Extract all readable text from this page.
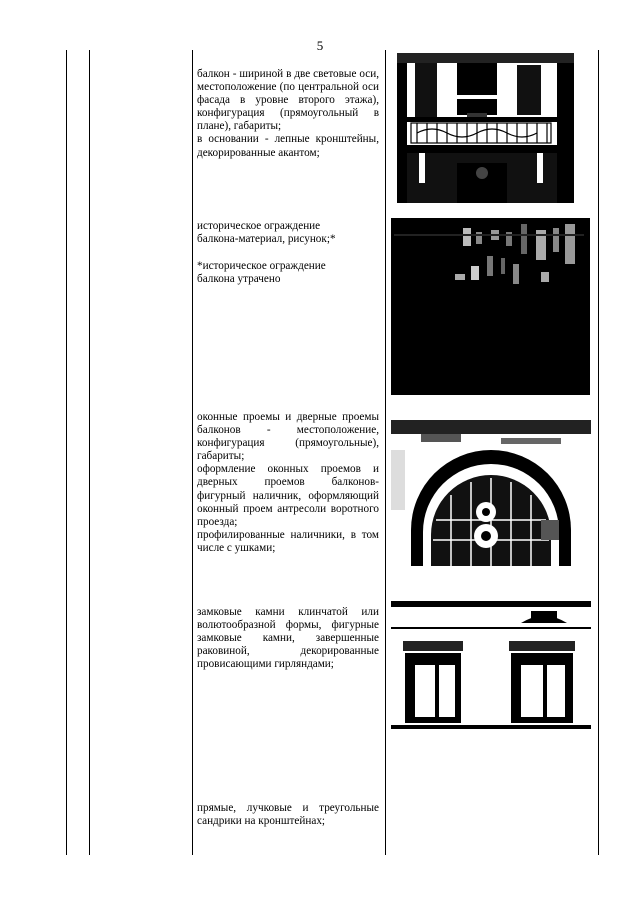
5

балкон - шириной в две световые оси, местоположение (по центральной оси фасада в уровне второго этажа), конфигурация (прямоугольный в плане), габариты;

в основании - лепные кронштейны, декорированные акантом;

историческое ограждение балкона-материал, рисунок;*

*историческое ограждение балкона утрачено

оконные проемы и дверные проемы балконов - местоположение, конфигурация (прямоугольные), габариты;

оформление оконных проемов и дверных проемов балконов- фигурный наличник, оформляющий оконный проем антресоли воротного проезда;

профилированные наличники, в том числе с ушками;

замковые камни клинчатой или волютообразной формы, фигурные замковые камни, завершенные раковиной, декорированные провисающими гирляндами;

прямые, лучковые и треугольные сандрики на кронштейнах;
